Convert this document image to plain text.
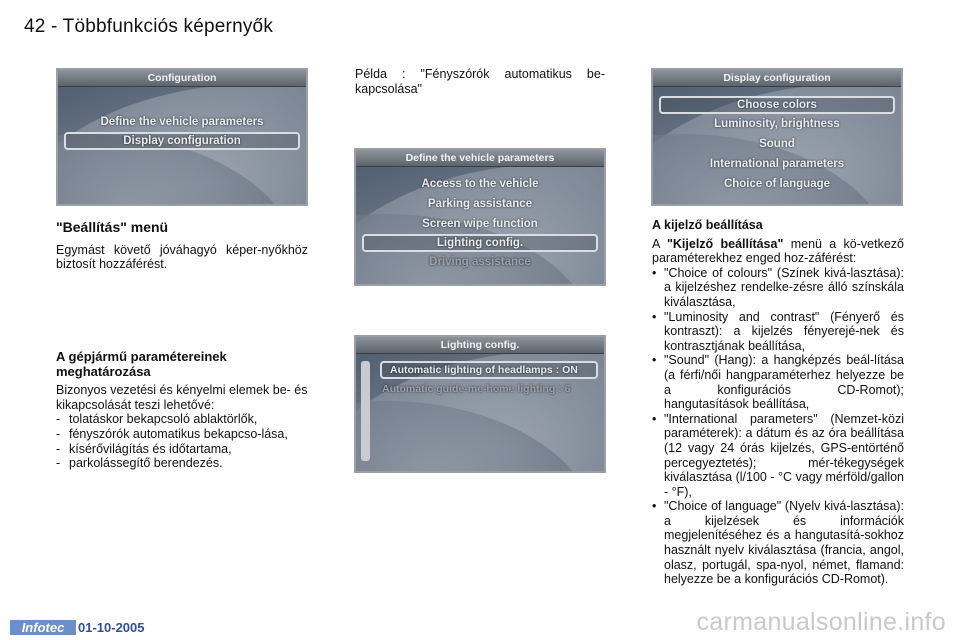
42 - Többfunkciós képernyők
Configuration
Define the vehicle parameters
Display configuration

Példa : "Fényszórók automatikus be-kapcsolása"

Define the vehicle parameters
Access to the vehicle
Parking assistance
Screen wipe function
Lighting config.
Driving assistance
Lighting config.
Automatic lighting of headlamps : ON
Automatic guide-me-home lighting : 6
Display configuration
Choose colors
Luminosity, brightness
Sound
International parameters
Choice of language
"Beállítás" menü

Egymást követő jóváhagyó képer-nyőkhöz biztosít hozzáférést.

A gépjármű paramétereinek meghatározása

Bizonyos vezetési és kényelmi elemek be- és kikapcsolását teszi lehetővé:

- tolatáskor bekapcsoló ablaktörlők,
- fényszórók automatikus bekapcso-lása,
- kísérővilágítás és időtartama,
- parkolássegítő berendezés.
A kijelző beállítása

A "Kijelző beállítása" menü a kö-vetkező paraméterekhez enged hoz-záférést:

• "Choice of colours" (Színek kivá-lasztása): a kijelzéshez rendelke-zésre álló színskála kiválasztása,
• "Luminosity and contrast" (Fényerő és kontraszt): a kijelzés fényerejé-nek és kontrasztjának beállítása,
• "Sound" (Hang): a hangképzés beál-lítása (a férfi/női hangparaméterhez helyezze be a konfigurációs CD-Romot); hangutasítások beállítása,
• "International parameters" (Nemzet-közi paraméterek): a dátum és az óra beállítása (12 vagy 24 órás kijelzés, GPS-entörténő percegyeztetés); mér-tékegységek kiválasztása (l/100 - °C vagy mérföld/gallon - °F),
• "Choice of language" (Nyelv kivá-lasztása): a kijelzések és információk megjelenítéséhez és a hangutasítá-sokhoz használt nyelv kiválasztása (francia, angol, olasz, portugál, spa-nyol, német, flamand: helyezze be a konfigurációs CD-Romot).
Infotec	01-10-2005	carmanualsonline.info
